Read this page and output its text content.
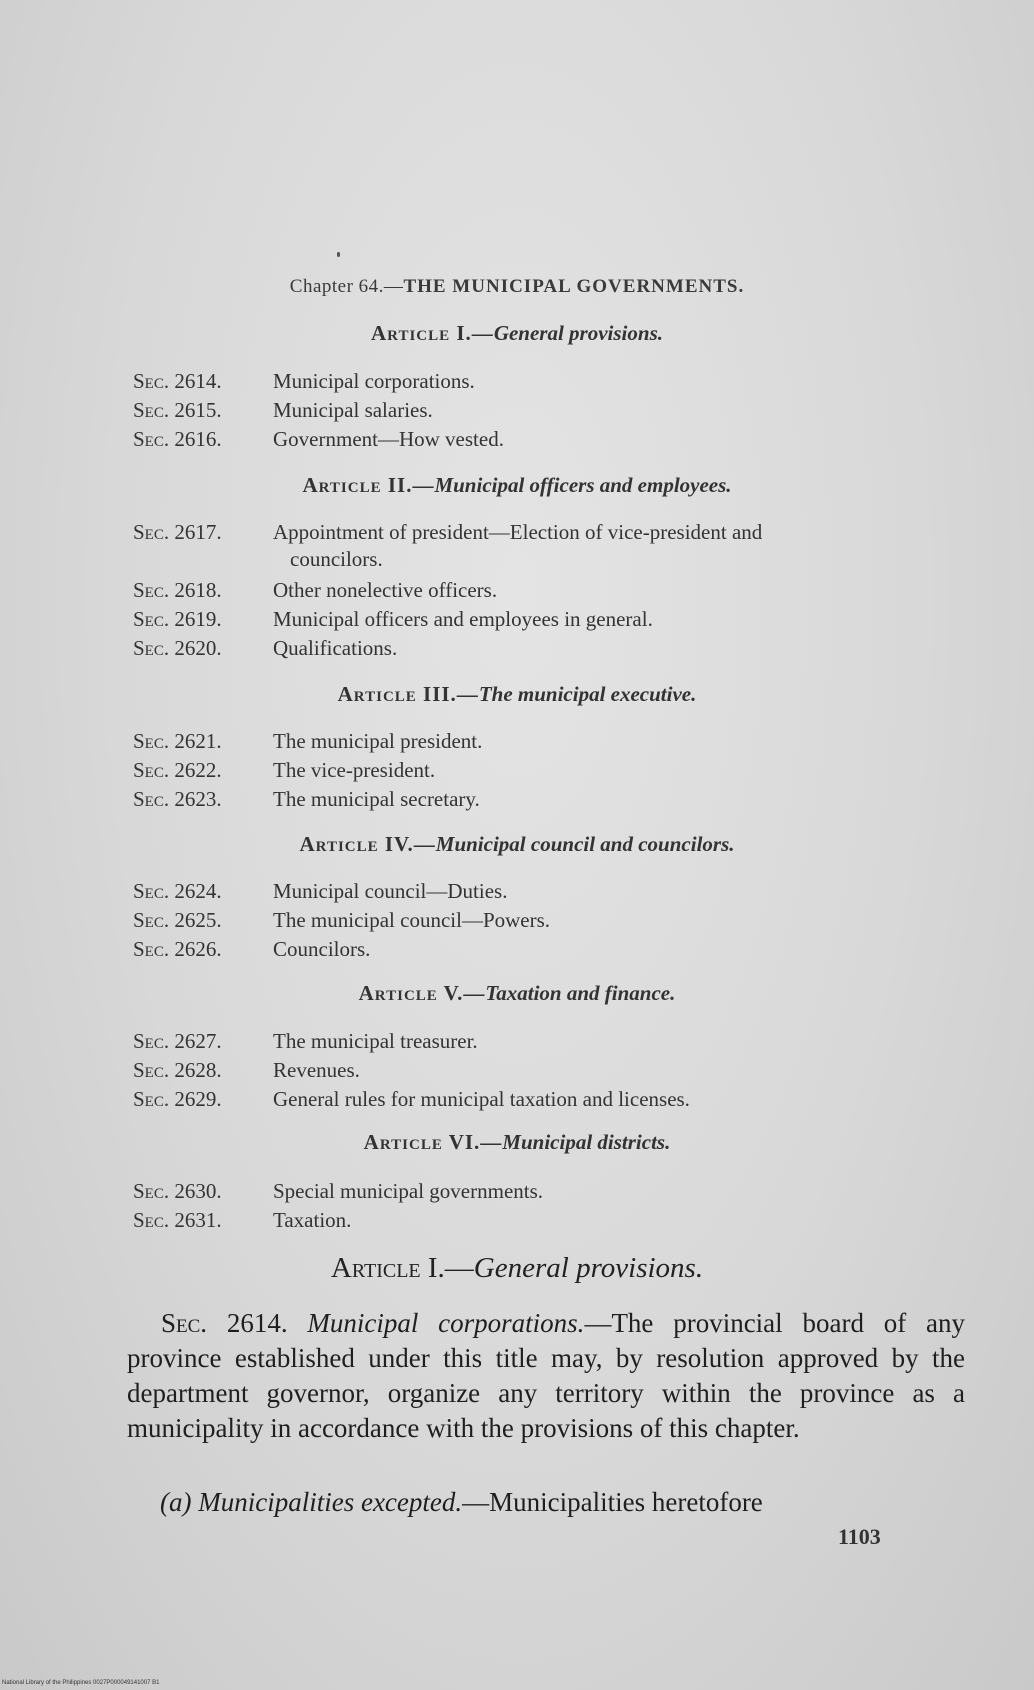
Chapter 64.—THE MUNICIPAL GOVERNMENTS.
Article I.—General provisions.
Sec. 2614. Municipal corporations.
Sec. 2615. Municipal salaries.
Sec. 2616. Government—How vested.
Article II.—Municipal officers and employees.
Sec. 2617. Appointment of president—Election of vice-president and
councilors.
Sec. 2618. Other nonelective officers.
Sec. 2619. Municipal officers and employees in general.
Sec. 2620. Qualifications.
Article III.—The municipal executive.
Sec. 2621. The municipal president.
Sec. 2622. The vice-president.
Sec. 2623. The municipal secretary.
Article IV.—Municipal council and councilors.
Sec. 2624. Municipal council—Duties.
Sec. 2625. The municipal council—Powers.
Sec. 2626. Councilors.
Article V.—Taxation and finance.
Sec. 2627. The municipal treasurer.
Sec. 2628. Revenues.
Sec. 2629. General rules for municipal taxation and licenses.
Article VI.—Municipal districts.
Sec. 2630. Special municipal governments.
Sec. 2631. Taxation.
Article I.—General provisions.
Sec. 2614. Municipal corporations.—The provincial board of any province established under this title may, by resolution approved by the department governor, organize any territory within the province as a municipality in accordance with the provisions of this chapter.
(a) Municipalities excepted.—Municipalities heretofore
1103
National Library of the Philippines 0027P000049141007 B1
